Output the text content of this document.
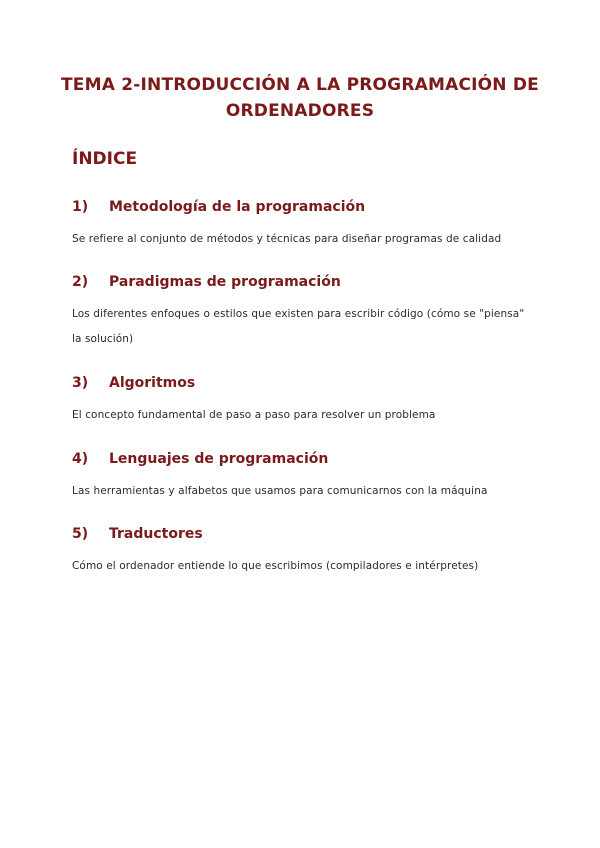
TEMA 2-INTRODUCCIÓN A LA PROGRAMACIÓN DE ORDENADORES
ÍNDICE
1)	Metodología de la programación
Se refiere al conjunto de métodos y técnicas para diseñar programas de calidad
2)	Paradigmas de programación
Los diferentes enfoques o estilos que existen para escribir código (cómo se "piensa" la solución)
3)	Algoritmos
El concepto fundamental de paso a paso para resolver un problema
4)	Lenguajes de programación
Las herramientas y alfabetos que usamos para comunicarnos con la máquina
5)	Traductores
Cómo el ordenador entiende lo que escribimos (compiladores e intérpretes)
